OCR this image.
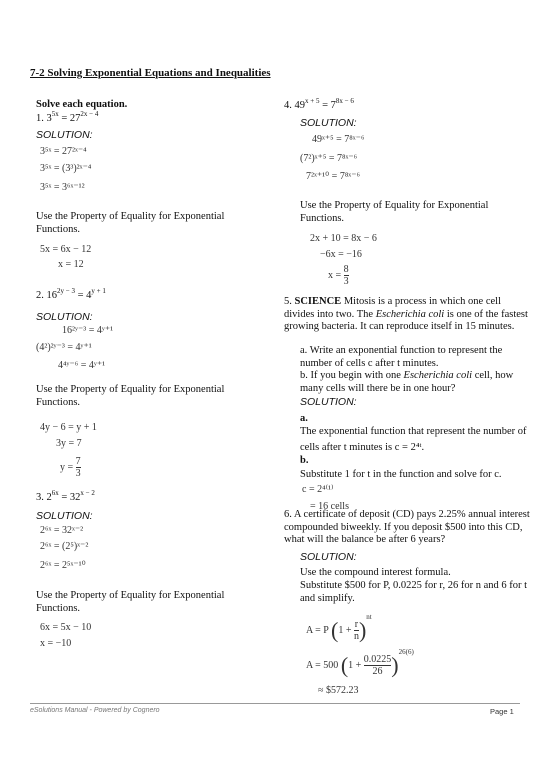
7-2 Solving Exponential Equations and Inequalities
Solve each equation.
1. $3^{5x} = 27^{2x - 4}$
SOLUTION:
3⁵ˣ = 27²ˣ⁻⁴
3⁵ˣ = (3³)²ˣ⁻⁴
3⁵ˣ = 3⁶ˣ⁻¹²
Use the Property of Equality for Exponential Functions.
5x = 6x − 12
x = 12
2. $16^{2y - 3} = 4^{y + 1}$
SOLUTION:
16²ʸ⁻³ = 4ʸ⁺¹
(4²)²ʸ⁻³ = 4ʸ⁺¹
4⁴ʸ⁻⁶ = 4ʸ⁺¹
Use the Property of Equality for Exponential Functions.
4y − 6 = y + 1
3y = 7
$y = \frac{7}{3}$
3. $2^{6x} = 32^{x - 2}$
SOLUTION:
2⁶ˣ = 32ˣ⁻²
2⁶ˣ = (2⁵)ˣ⁻²
2⁶ˣ = 2⁵ˣ⁻¹⁰
Use the Property of Equality for Exponential Functions.
6x = 5x − 10
x = −10
4. $49^{x + 5} = 7^{8x - 6}$
SOLUTION:
49ˣ⁺⁵ = 7⁸ˣ⁻⁶
(7²)ˣ⁺⁵ = 7⁸ˣ⁻⁶
7²ˣ⁺¹⁰ = 7⁸ˣ⁻⁶
Use the Property of Equality for Exponential Functions.
2x + 10 = 8x − 6
−6x = −16
$x = \frac{8}{3}$
5. SCIENCE Mitosis is a process in which one cell divides into two. The Escherichia coli is one of the fastest growing bacteria. It can reproduce itself in 15 minutes.
a. Write an exponential function to represent the number of cells c after t minutes.
b. If you begin with one Escherichia coli cell, how many cells will there be in one hour?
SOLUTION:
a.
The exponential function that represent the number of cells after t minutes is c = 2⁴ᵗ.
b.
Substitute 1 for t in the function and solve for c.
c = 2⁴⁽¹⁾
= 16 cells
6. A certificate of deposit (CD) pays 2.25% annual interest compounded biweekly. If you deposit $500 into this CD, what will the balance be after 6 years?
SOLUTION:
Use the compound interest formula.
Substitute $500 for P, 0.0225 for r, 26 for n and 6 for t and simplify.
A = P $(1 + \frac{r}{n} )^{nt}$
A = 500 $(1 + \frac{0.0225}{26} )^{26(6)}$
≈ $572.23
eSolutions Manual - Powered by Cognero	Page 1
